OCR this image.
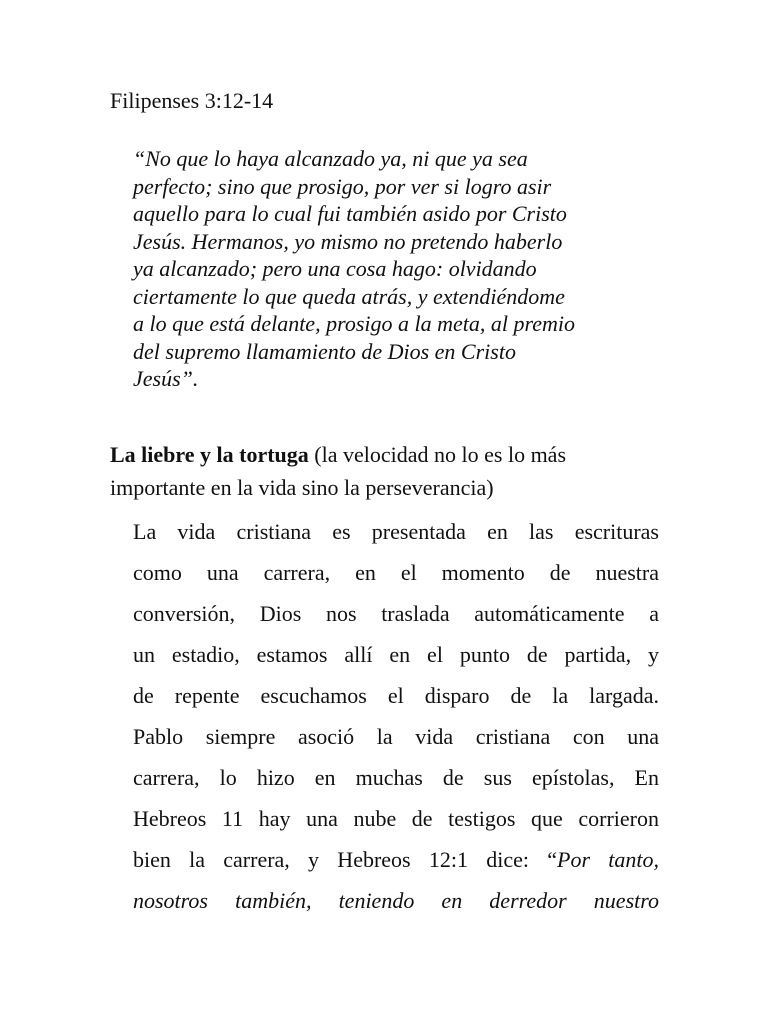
Filipenses 3:12-14
“No que lo haya alcanzado ya, ni que ya sea
perfecto; sino que prosigo, por ver si logro asir
aquello para lo cual fui también asido por Cristo
Jesús. Hermanos, yo mismo no pretendo haberlo
ya alcanzado; pero una cosa hago: olvidando
ciertamente lo que queda atrás, y extendiéndome
a lo que está delante, prosigo a la meta, al premio
del supremo llamamiento de Dios en Cristo
Jesús”.
La liebre y la tortuga (la velocidad no lo es lo más
importante en la vida sino la perseverancia)
La vida cristiana es presentada en las escrituras
como una carrera, en el momento de nuestra
conversión, Dios nos traslada automáticamente a
un estadio, estamos allí en el punto de partida, y
de repente escuchamos el disparo de la largada.
Pablo siempre asoció la vida cristiana con una
carrera, lo hizo en muchas de sus epístolas, En
Hebreos 11 hay una nube de testigos que corrieron
bien la carrera, y Hebreos 12:1 dice: “Por tanto,
nosotros también, teniendo en derredor nuestro
